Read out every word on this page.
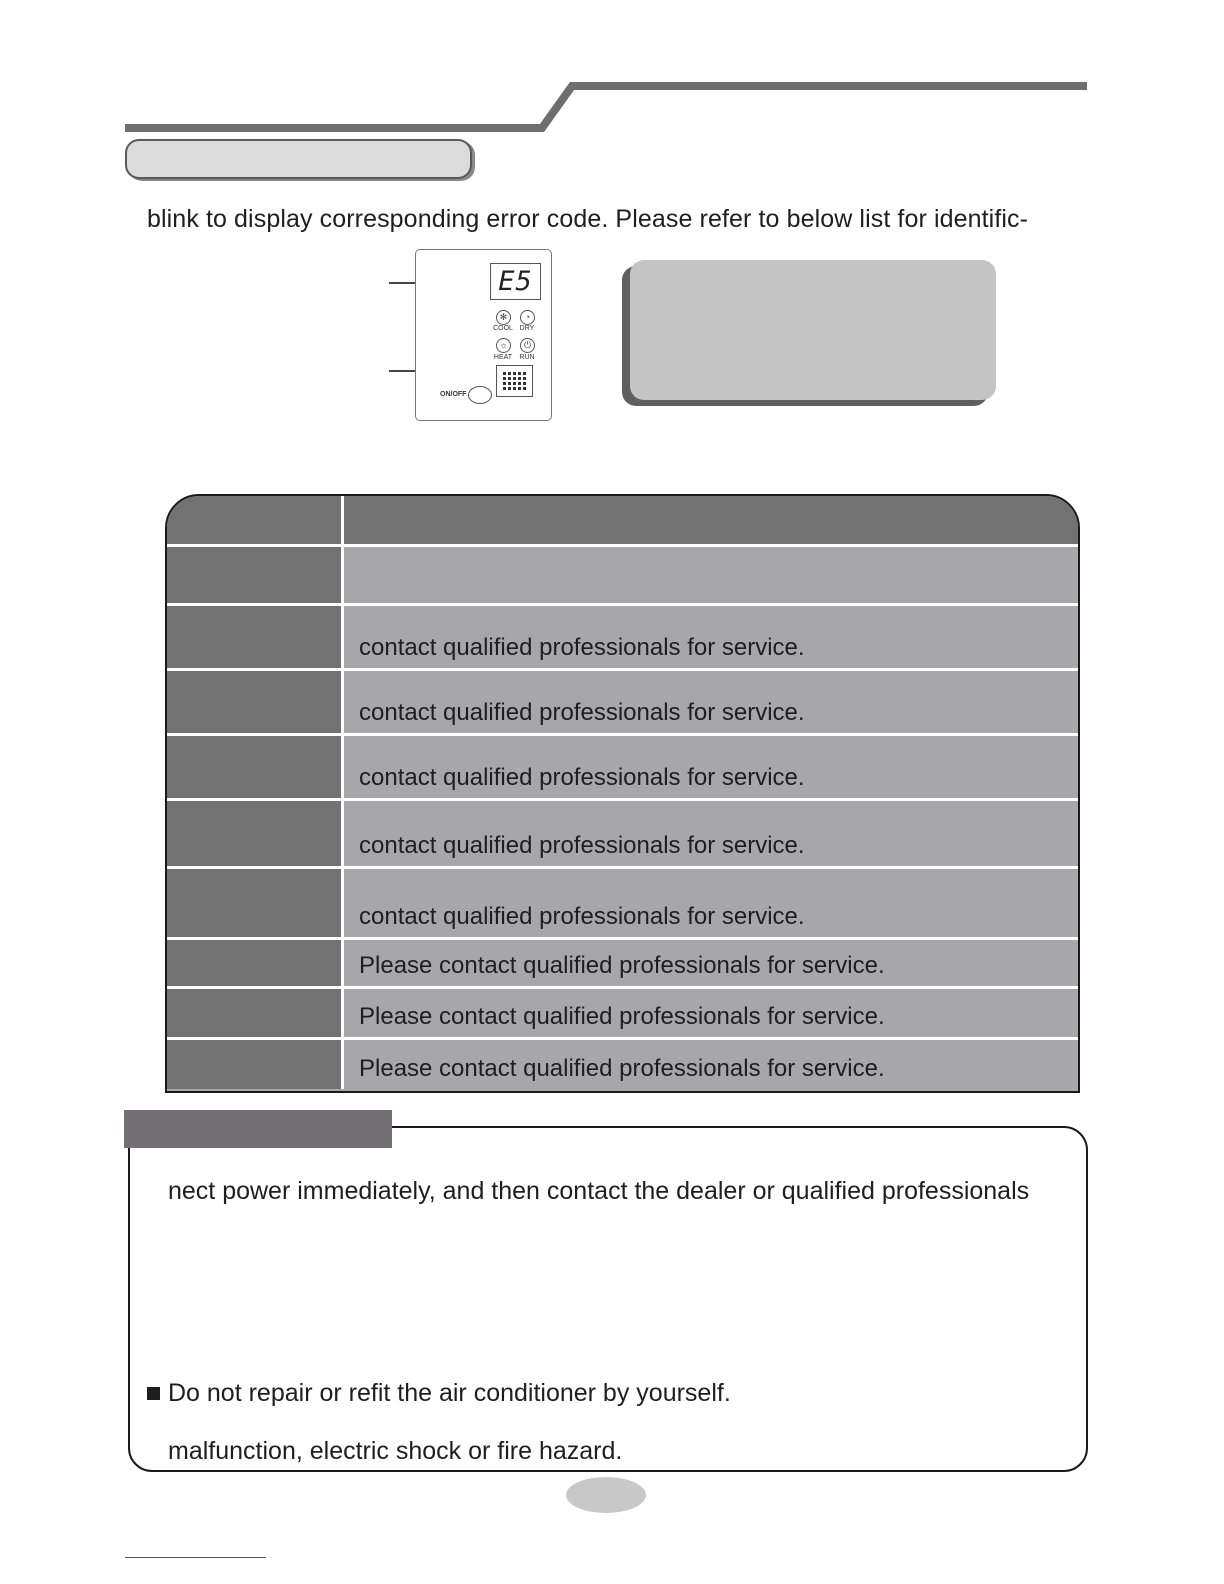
blink to display corresponding error code. Please refer to below list for identific-
E5
✻	◔
COOL DRY
☼	⏻
HEAT	RUN
ON/OFF
contact qualified professionals for service.
contact qualified professionals for service.
contact qualified professionals for service.
contact qualified professionals for service.
contact qualified professionals for service.
Please contact qualified professionals for service.
Please contact qualified professionals for service.
Please contact qualified professionals for service.
nect power immediately, and then contact the dealer or qualified professionals
Do not repair or refit the air conditioner by yourself.
malfunction, electric shock or fire hazard.
